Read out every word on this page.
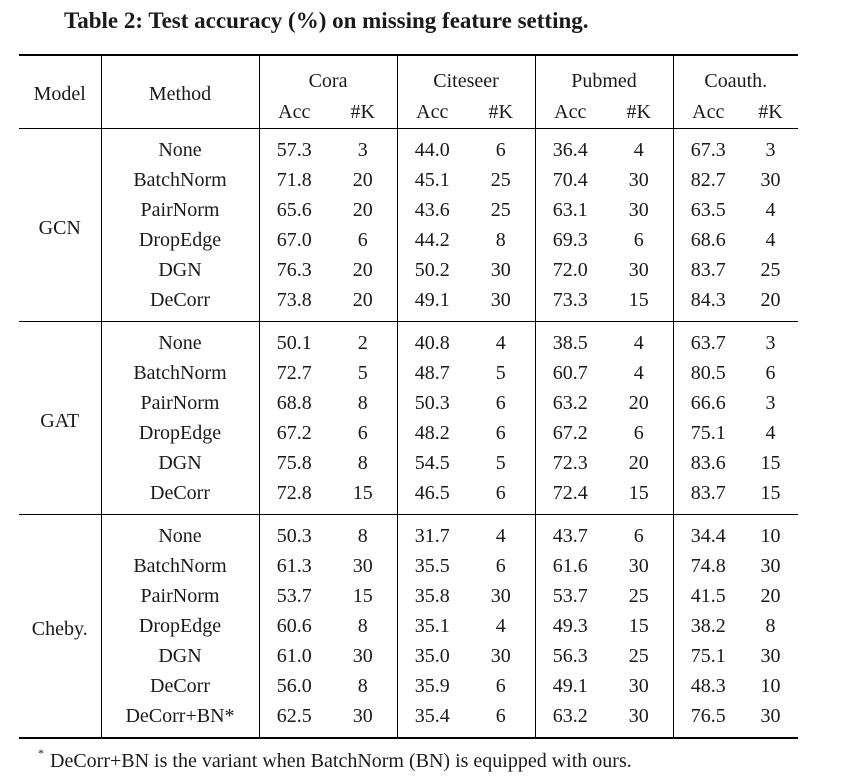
Table 2: Test accuracy (%) on missing feature setting.
Model	Method	Cora		Citeseer		Pubmed		Coauth.	
		Acc	#K	Acc	#K	Acc	#K	Acc	#K
GCN	None	57.3	3	44.0	6	36.4	4	67.3	3
	BatchNorm	71.8	20	45.1	25	70.4	30	82.7	30
	PairNorm	65.6	20	43.6	25	63.1	30	63.5	4
	DropEdge	67.0	6	44.2	8	69.3	6	68.6	4
	DGN	76.3	20	50.2	30	72.0	30	83.7	25
	DeCorr	73.8	20	49.1	30	73.3	15	84.3	20
GAT	None	50.1	2	40.8	4	38.5	4	63.7	3
	BatchNorm	72.7	5	48.7	5	60.7	4	80.5	6
	PairNorm	68.8	8	50.3	6	63.2	20	66.6	3
	DropEdge	67.2	6	48.2	6	67.2	6	75.1	4
	DGN	75.8	8	54.5	5	72.3	20	83.6	15
	DeCorr	72.8	15	46.5	6	72.4	15	83.7	15
Cheby.	None	50.3	8	31.7	4	43.7	6	34.4	10
	BatchNorm	61.3	30	35.5	6	61.6	30	74.8	30
	PairNorm	53.7	15	35.8	30	53.7	25	41.5	20
	DropEdge	60.6	8	35.1	4	49.3	15	38.2	8
	DGN	61.0	30	35.0	30	56.3	25	75.1	30
	DeCorr	56.0	8	35.9	6	49.1	30	48.3	10
	DeCorr+BN*	62.5	30	35.4	6	63.2	30	76.5	30
* DeCorr+BN is the variant when BatchNorm (BN) is equipped with ours.
